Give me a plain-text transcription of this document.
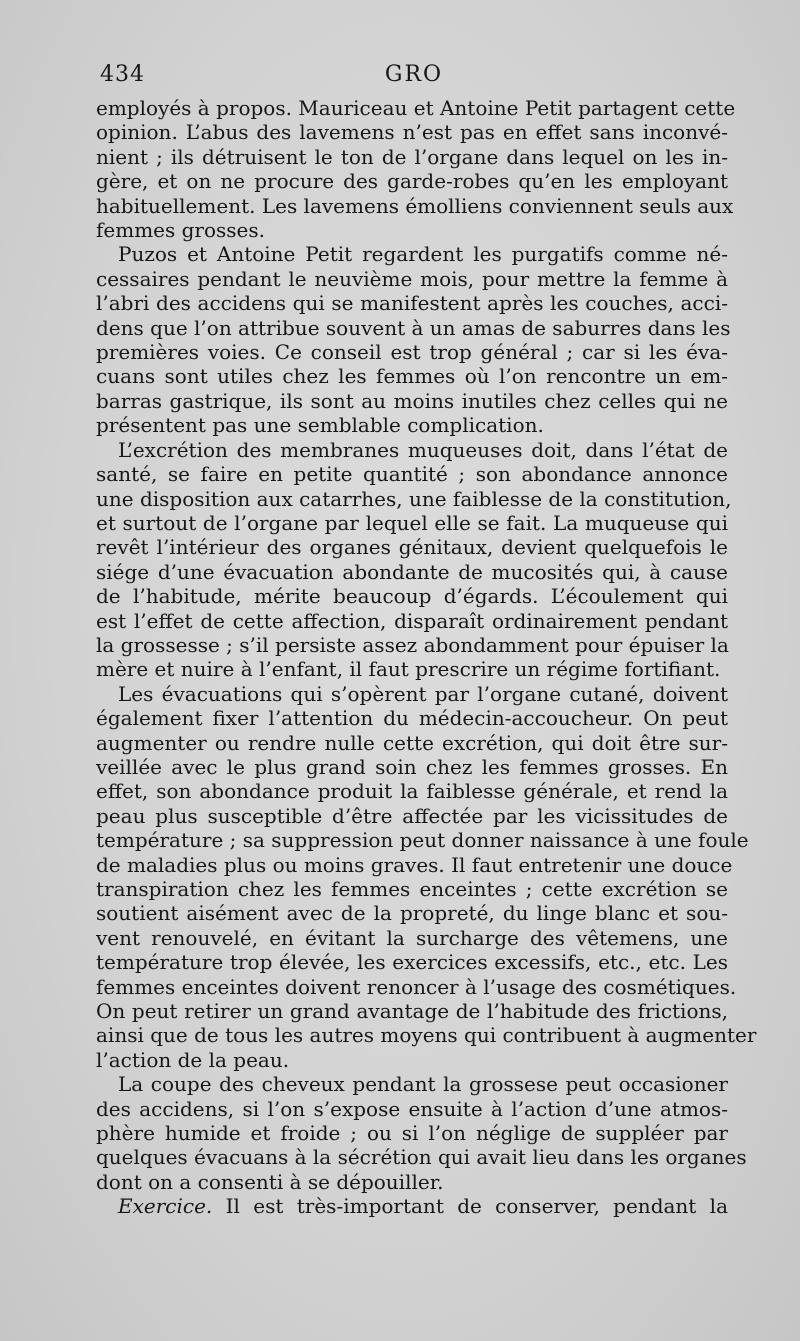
434	GRO
employés à propos. Mauriceau et Antoine Petit partagent cette
opinion. L’abus des lavemens n’est pas en effet sans inconvé-
nient ; ils détruisent le ton de l’organe dans lequel on les in-
gère, et on ne procure des garde-robes qu’en les employant
habituellement. Les lavemens émolliens conviennent seuls aux
femmes grosses.
Puzos et Antoine Petit regardent les purgatifs comme né-
cessaires pendant le neuvième mois, pour mettre la femme à
l’abri des accidens qui se manifestent après les couches, acci-
dens que l’on attribue souvent à un amas de saburres dans les
premières voies. Ce conseil est trop général ; car si les éva-
cuans sont utiles chez les femmes où l’on rencontre un em-
barras gastrique, ils sont au moins inutiles chez celles qui ne
présentent pas une semblable complication.
L’excrétion des membranes muqueuses doit, dans l’état de
santé, se faire en petite quantité ; son abondance annonce
une disposition aux catarrhes, une faiblesse de la constitution,
et surtout de l’organe par lequel elle se fait. La muqueuse qui
revêt l’intérieur des organes génitaux, devient quelquefois le
siége d’une évacuation abondante de mucosités qui, à cause
de l’habitude, mérite beaucoup d’égards. L’écoulement qui
est l’effet de cette affection, disparaît ordinairement pendant
la grossesse ; s’il persiste assez abondamment pour épuiser la
mère et nuire à l’enfant, il faut prescrire un régime fortifiant.
Les évacuations qui s’opèrent par l’organe cutané, doivent
également fixer l’attention du médecin-accoucheur. On peut
augmenter ou rendre nulle cette excrétion, qui doit être sur-
veillée avec le plus grand soin chez les femmes grosses. En
effet, son abondance produit la faiblesse générale, et rend la
peau plus susceptible d’être affectée par les vicissitudes de
température ; sa suppression peut donner naissance à une foule
de maladies plus ou moins graves. Il faut entretenir une douce
transpiration chez les femmes enceintes ; cette excrétion se
soutient aisément avec de la propreté, du linge blanc et sou-
vent renouvelé, en évitant la surcharge des vêtemens, une
température trop élevée, les exercices excessifs, etc., etc. Les
femmes enceintes doivent renoncer à l’usage des cosmétiques.
On peut retirer un grand avantage de l’habitude des frictions,
ainsi que de tous les autres moyens qui contribuent à augmenter
l’action de la peau.
La coupe des cheveux pendant la grossese peut occasioner
des accidens, si l’on s’expose ensuite à l’action d’une atmos-
phère humide et froide ; ou si l’on néglige de suppléer par
quelques évacuans à la sécrétion qui avait lieu dans les organes
dont on a consenti à se dépouiller.
Exercice. Il est très-important de conserver, pendant la
